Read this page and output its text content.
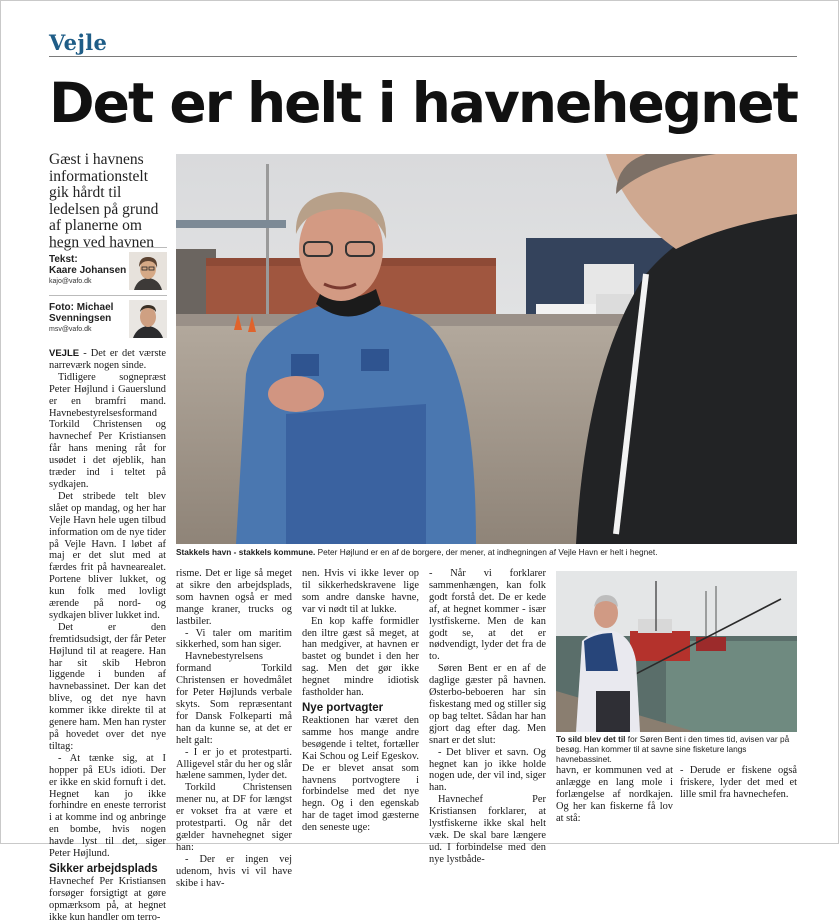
Vejle
Det er helt i havnehegnet
Gæst i havnens informationstelt gik hårdt til ledelsen på grund af planerne om hegn ved havnen
Tekst:
Kaare Johansen
kajo@vafo.dk
Foto: Michael
Svenningsen
msv@vafo.dk

VEJLE - Det er det værste narreværk nogen sinde.

Tidligere sognepræst Peter Højlund i Gauerslund er en bramfri mand. Havnebestyrelsesformand Torkild Christensen og havnechef Per Kristiansen får hans mening råt for usødet i det øjeblik, han træder ind i teltet på sydkajen.

Det stribede telt blev slået op mandag, og her har Vejle Havn hele ugen tilbud information om de nye tider på Vejle Havn. I løbet af maj er det slut med at færdes frit på havnearealet. Portene bliver lukket, og kun folk med lovligt ærende på nord- og sydkajen bliver lukket ind.

Det er den fremtidsudsigt, der får Peter Højlund til at reagere. Han har sit skib Hebron liggende i bunden af havnebassinet. Der kan det blive, og det nye havn kommer ikke direkte til at genere ham. Men han ryster på hovedet over det nye tiltag:

- At tænke sig, at I hopper på EUs idioti. Der er ikke en skid fornuft i det. Hegnet kan jo ikke forhindre en eneste terrorist i at komme ind og anbringe en bombe, hvis nogen havde lyst til det, siger Peter Højlund.

Sikker arbejdsplads

Havnechef Per Kristiansen forsøger forsigtigt at gøre opmærksom på, at hegnet ikke kun handler om terro-

Stakkels havn - stakkels kommune. Peter Højlund er en af de borgere, der mener, at indhegningen af Vejle Havn er helt i hegnet.

risme. Det er lige så meget at sikre den arbejdsplads, som havnen også er med mange kraner, trucks og lastbiler.

- Vi taler om maritim sikkerhed, som han siger.

Havnebestyrelsens formand Torkild Christensen er hovedmålet for Peter Højlunds verbale skyts. Som repræsentant for Dansk Folkeparti må han da kunne se, at det er helt galt:

- I er jo et protestparti. Alligevel står du her og slår hælene sammen, lyder det.

Torkild Christensen mener nu, at DF for længst er vokset fra at være et protestparti. Og når det gælder havnehegnet siger han:

- Der er ingen vej udenom, hvis vi vil have skibe i hav-

nen. Hvis vi ikke lever op til sikkerhedskravene lige som andre danske havne, var vi nødt til at lukke.

En kop kaffe formidler den iltre gæst så meget, at han medgiver, at havnen er bastet og bundet i den her sag. Men det gør ikke hegnet mindre idiotisk fastholder han.

Nye portvagter

Reaktionen har været den samme hos mange andre besøgende i teltet, fortæller Kai Schou og Leif Egeskov. De er blevet ansat som havnens portvogtere i forbindelse med det nye hegn. Og i den egenskab har de taget imod gæsterne den seneste uge:

- Når vi forklarer sammenhængen, kan folk godt forstå det. De er kede af, at hegnet kommer - især lystfiskerne. Men de kan godt se, at det er nødvendigt, lyder det fra de to.

Søren Bent er en af de daglige gæster på havnen. Østerbo-beboeren har sin fiskestang med og stiller sig op bag teltet. Sådan har han gjort dag efter dag. Men snart er det slut:

- Det bliver et savn. Og hegnet kan jo ikke holde nogen ude, der vil ind, siger han.

Havnechef Per Kristiansen forklarer, at lystfiskerne ikke skal helt væk. De skal bare længere ud. I forbindelse med den nye lystbåde-

To sild blev det til for Søren Bent i den times tid, avisen var på besøg. Han kommer til at savne sine fisketure langs havnebassinet.

havn, er kommunen ved at anlægge en lang mole i forlængelse af nordkajen. Og her kan fiskerne få lov at stå:

- Derude er fiskene også friskere, lyder det med et lille smil fra havnechefen.
